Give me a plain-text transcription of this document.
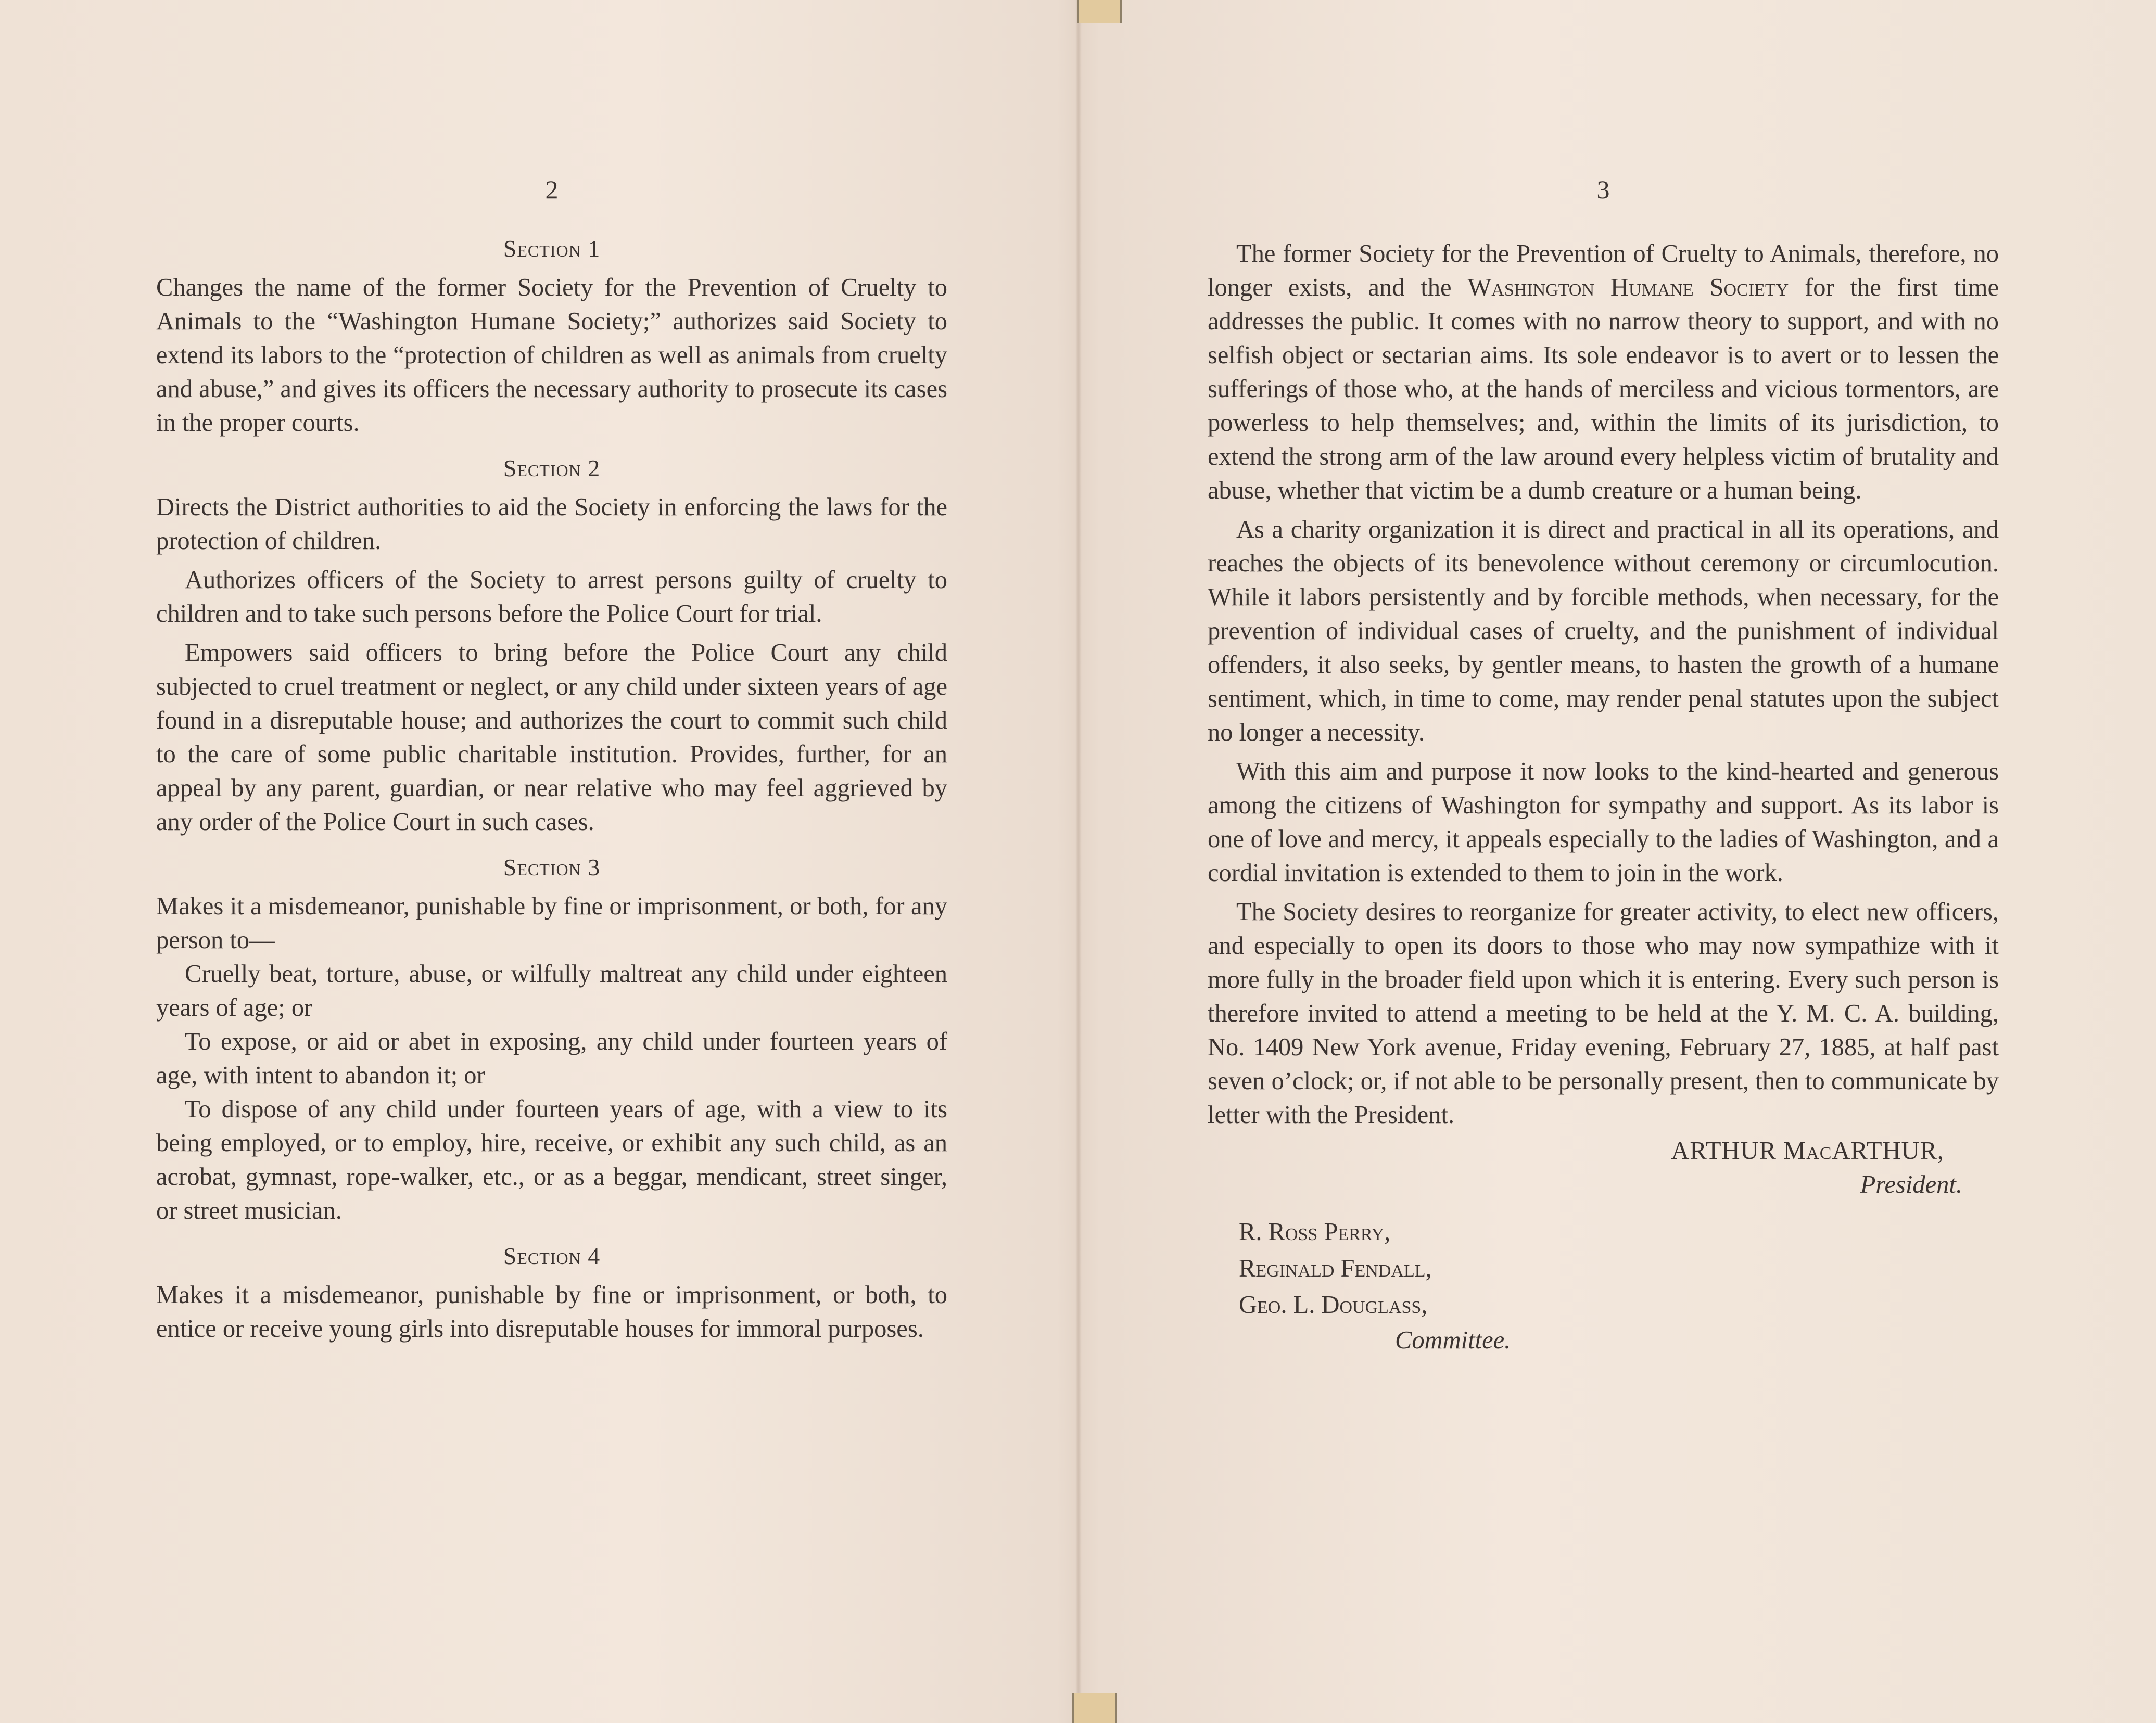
2

Section 1

Changes the name of the former Society for the Prevention of Cruelty to Animals to the “Washington Humane Society;” authorizes said Society to extend its labors to the “protection of children as well as animals from cruelty and abuse,” and gives its officers the necessary authority to prosecute its cases in the proper courts.

Section 2

Directs the District authorities to aid the Society in enforcing the laws for the protection of children.

Authorizes officers of the Society to arrest persons guilty of cruelty to children and to take such persons before the Police Court for trial.

Empowers said officers to bring before the Police Court any child subjected to cruel treatment or neglect, or any child under sixteen years of age found in a disreputable house; and authorizes the court to commit such child to the care of some public charitable institution. Provides, further, for an appeal by any parent, guardian, or near relative who may feel aggrieved by any order of the Police Court in such cases.

Section 3

Makes it a misdemeanor, punishable by fine or imprisonment, or both, for any person to—

Cruelly beat, torture, abuse, or wilfully maltreat any child under eighteen years of age; or

To expose, or aid or abet in exposing, any child under fourteen years of age, with intent to abandon it; or

To dispose of any child under fourteen years of age, with a view to its being employed, or to employ, hire, receive, or exhibit any such child, as an acrobat, gymnast, rope-walker, etc., or as a beggar, mendicant, street singer, or street musician.

Section 4

Makes it a misdemeanor, punishable by fine or imprisonment, or both, to entice or receive young girls into disreputable houses for immoral purposes.

3

The former Society for the Prevention of Cruelty to Animals, therefore, no longer exists, and the Washington Humane Society for the first time addresses the public. It comes with no narrow theory to support, and with no selfish object or sectarian aims. Its sole endeavor is to avert or to lessen the sufferings of those who, at the hands of merciless and vicious tormentors, are powerless to help themselves; and, within the limits of its jurisdiction, to extend the strong arm of the law around every helpless victim of brutality and abuse, whether that victim be a dumb creature or a human being.

As a charity organization it is direct and practical in all its operations, and reaches the objects of its benevolence without ceremony or circumlocution. While it labors persistently and by forcible methods, when necessary, for the prevention of individual cases of cruelty, and the punishment of individual offenders, it also seeks, by gentler means, to hasten the growth of a humane sentiment, which, in time to come, may render penal statutes upon the subject no longer a necessity.

With this aim and purpose it now looks to the kind-hearted and generous among the citizens of Washington for sympathy and support. As its labor is one of love and mercy, it appeals especially to the ladies of Washington, and a cordial invitation is extended to them to join in the work.

The Society desires to reorganize for greater activity, to elect new officers, and especially to open its doors to those who may now sympathize with it more fully in the broader field upon which it is entering. Every such person is therefore invited to attend a meeting to be held at the Y. M. C. A. building, No. 1409 New York avenue, Friday evening, February 27, 1885, at half past seven o’clock; or, if not able to be personally present, then to communicate by letter with the President.

ARTHUR MacARTHUR,

President.

R. Ross Perry,

Reginald Fendall,

Geo. L. Douglass,

Committee.
